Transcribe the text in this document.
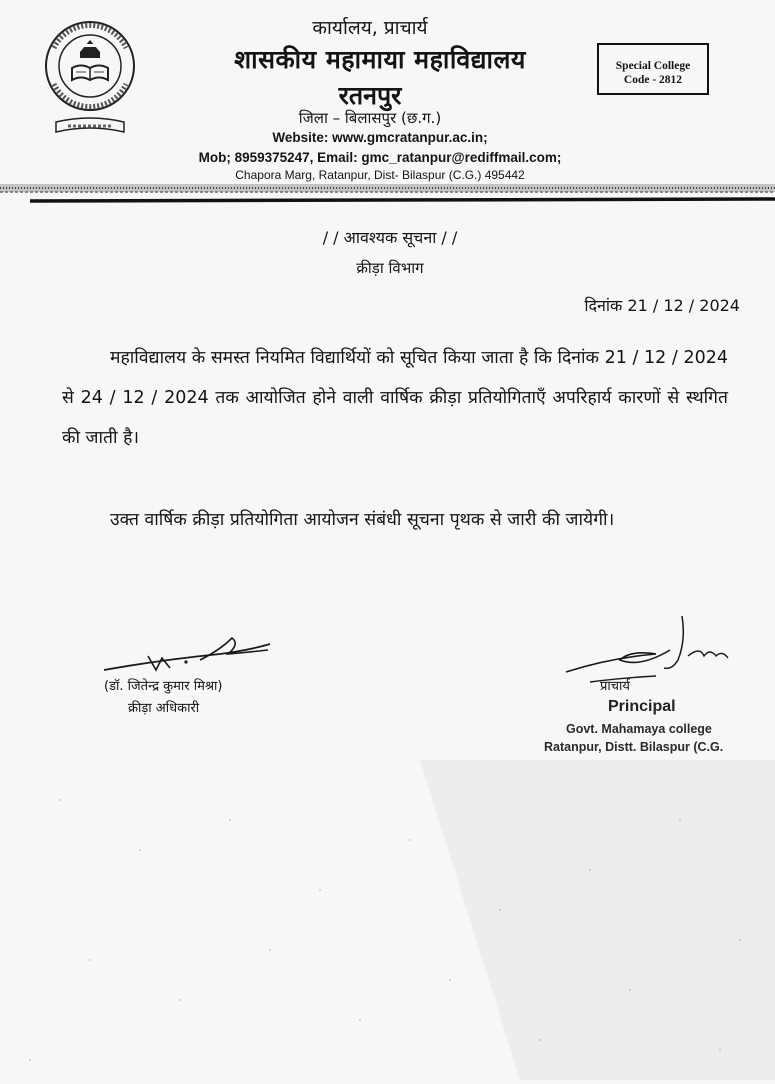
कार्यालय, प्राचार्य
शासकीय महामाया महाविद्यालय
रतनपुर
जिला – बिलासपुर (छ.ग.)
Website: www.gmcratanpur.ac.in;
Mob; 8959375247, Email: gmc_ratanpur@rediffmail.com;
Chapora Marg, Ratanpur, Dist- Bilaspur (C.G.) 495442
Special College
Code - 2812
/ / आवश्यक सूचना / /
क्रीड़ा विभाग
दिनांक 21 / 12 / 2024

महाविद्यालय के समस्त नियमित विद्यार्थियों को सूचित किया जाता है कि दिनांक 21 / 12 / 2024 से 24 / 12 / 2024 तक आयोजित होने वाली वार्षिक क्रीड़ा प्रतियोगिताएँ अपरिहार्य कारणों से स्थगित की जाती है।

उक्त वार्षिक क्रीड़ा प्रतियोगिता आयोजन संबंधी सूचना पृथक से जारी की जायेगी।

(डॉ. जितेन्द्र कुमार मिश्रा)
क्रीड़ा अधिकारी
प्राचार्य
Principal
Govt. Mahamaya college
Ratanpur, Distt. Bilaspur (C.G.
